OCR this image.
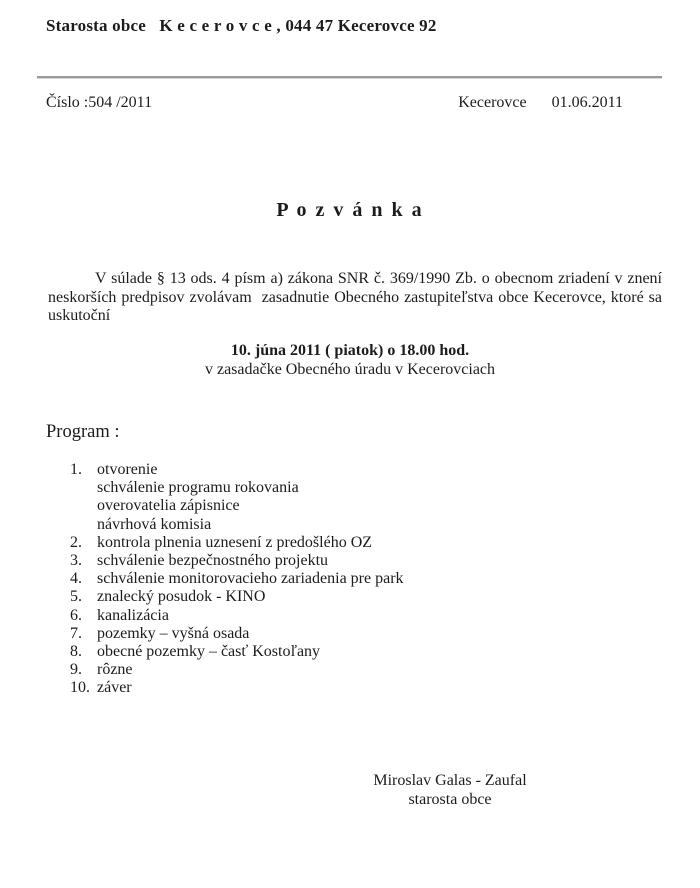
Starosta obce   K e c e r o v c e , 044 47 Kecerovce 92
Číslo :504 /2011	Kecerovce 01.06.2011
P o z v á n k a
V súlade § 13 ods. 4 písm a) zákona SNR č. 369/1990 Zb. o obecnom zriadení v znení neskorších predpisov zvolávam  zasadnutie Obecného zastupiteľstva obce Kecerovce, ktoré sa uskutoční
10. júna 2011 ( piatok) o 18.00 hod.
v zasadačke Obecného úradu v Kecerovciach
Program :
1. otvorenie
schválenie programu rokovania
overovatelia zápisnice
návrhová komisia
2. kontrola plnenia uznesení z predošlého OZ
3. schválenie bezpečnostného projektu
4. schválenie monitorovacieho zariadenia pre park
5. znalecký posudok - KINO
6. kanalizácia
7. pozemky – vyšná osada
8. obecné pozemky – časť Kostoľany
9. rôzne
10. záver
Miroslav Galas - Zaufal
starosta obce
